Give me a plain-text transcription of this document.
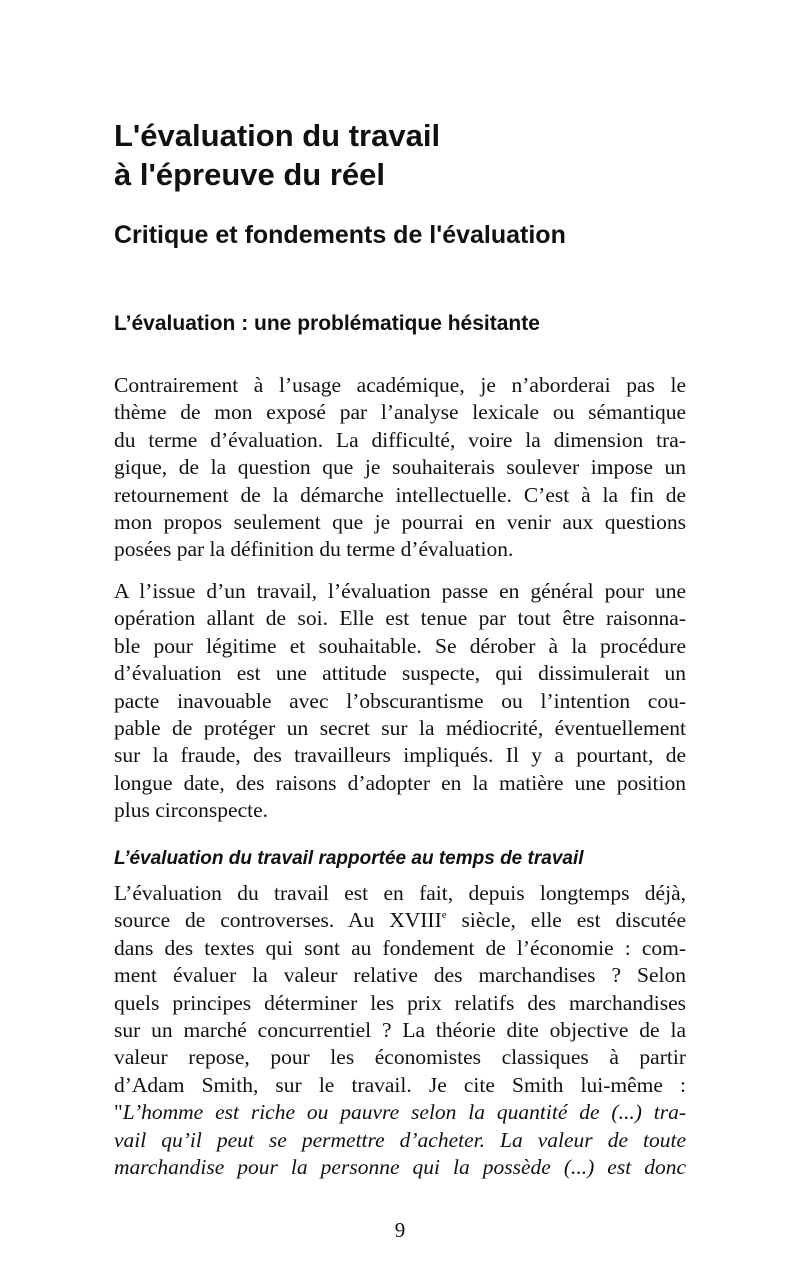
L'évaluation du travail
à l'épreuve du réel
Critique et fondements de l'évaluation
L’évaluation : une problématique hésitante
Contrairement à l’usage académique, je n’aborderai pas le
thème de mon exposé par l’analyse lexicale ou sémantique
du terme d’évaluation. La difficulté, voire la dimension tra-
gique, de la question que je souhaiterais soulever impose un
retournement de la démarche intellectuelle. C’est à la fin de
mon propos seulement que je pourrai en venir aux questions
posées par la définition du terme d’évaluation.
A l’issue d’un travail, l’évaluation passe en général pour une
opération allant de soi. Elle est tenue par tout être raisonna-
ble pour légitime et souhaitable. Se dérober à la procédure
d’évaluation est une attitude suspecte, qui dissimulerait un
pacte inavouable avec l’obscurantisme ou l’intention cou-
pable de protéger un secret sur la médiocrité, éventuellement
sur la fraude, des travailleurs impliqués. Il y a pourtant, de
longue date, des raisons d’adopter en la matière une position
plus circonspecte.
L’évaluation du travail rapportée au temps de travail
L’évaluation du travail est en fait, depuis longtemps déjà,
source de controverses. Au XVIIIe siècle, elle est discutée
dans des textes qui sont au fondement de l’économie : com-
ment évaluer la valeur relative des marchandises ? Selon
quels principes déterminer les prix relatifs des marchandises
sur un marché concurrentiel ? La théorie dite objective de la
valeur repose, pour les économistes classiques à partir
d’Adam Smith, sur le travail. Je cite Smith lui-même :
"L’homme est riche ou pauvre selon la quantité de (...) tra-
vail qu’il peut se permettre d’acheter. La valeur de toute
marchandise pour la personne qui la possède (...) est donc
9
